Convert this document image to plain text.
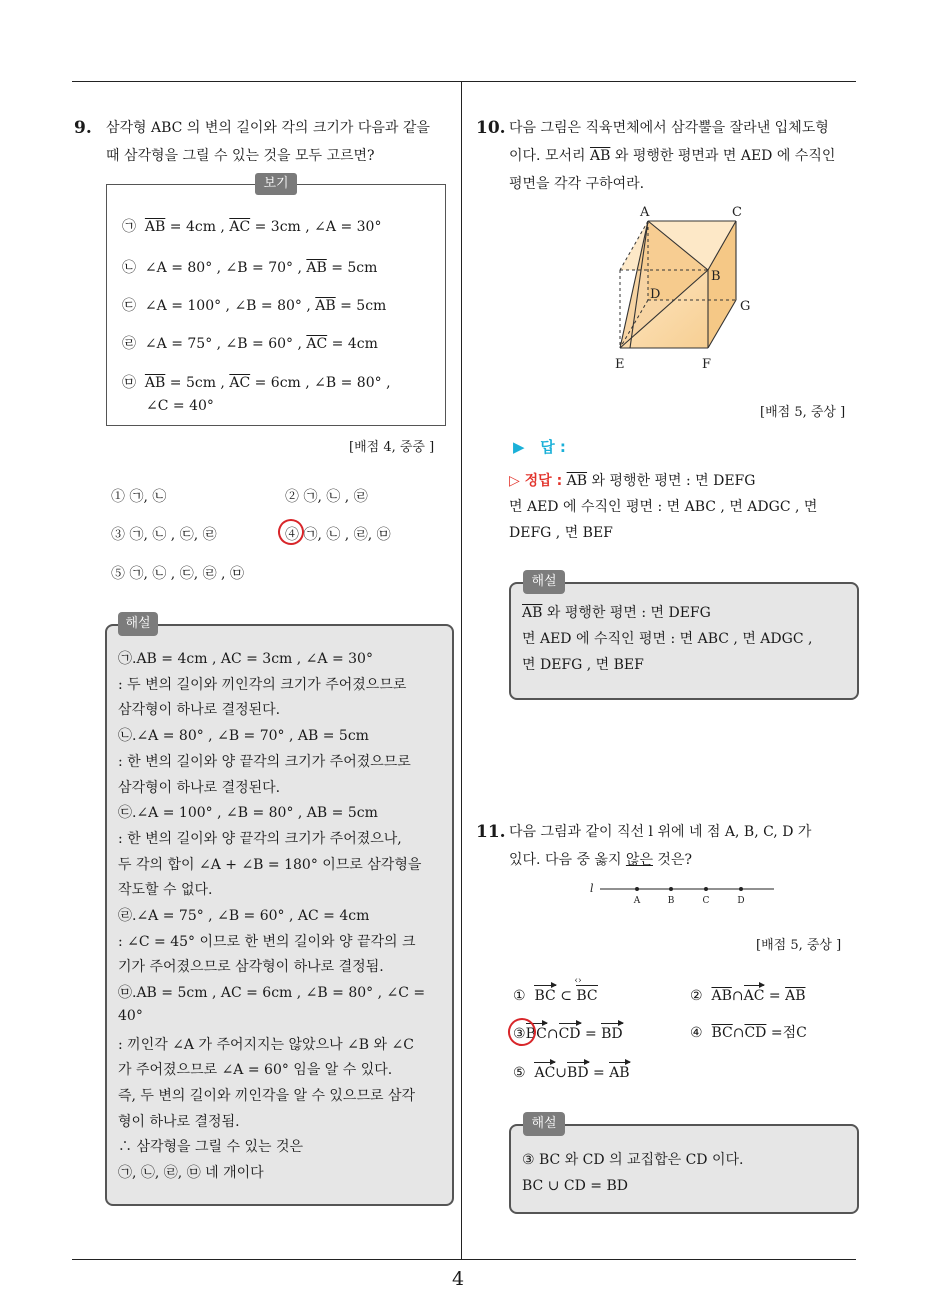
9. 삼각형 ABC 의 변의 길이와 각의 크기가 다음과 같을
때 삼각형을 그릴 수 있는 것을 모두 고르면?
보기
㉠ $\overline{AB} = 4cm$ , $\overline{AC} = 3cm$ , ∠A = 30°
㉡ ∠A = 80° , ∠B = 70° , $\overline{AB} = 5cm$
㉢ ∠A = 100° , ∠B = 80° , $\overline{AB} = 5cm$
㉣ ∠A = 75° , ∠B = 60° , $\overline{AC} = 4cm$
㉤ $\overline{AB} = 5cm$ , $\overline{AC} = 6cm$ , ∠B = 80° ,
∠C = 40°
[배점 4, 중중 ]
① ㉠, ㉡	② ㉠, ㉡ , ㉣
③ ㉠, ㉡ , ㉢, ㉣	④ ㉠, ㉡ , ㉣, ㉤
⑤ ㉠, ㉡ , ㉢, ㉣ , ㉤
해설
㉠.AB = 4cm , AC = 3cm , ∠A = 30°
: 두 변의 길이와 끼인각의 크기가 주어졌으므로
삼각형이 하나로 결정된다.
㉡.∠A = 80° , ∠B = 70° , AB = 5cm
: 한 변의 길이와 양 끝각의 크기가 주어졌으므로
삼각형이 하나로 결정된다.
㉢.∠A = 100° , ∠B = 80° , AB = 5cm
: 한 변의 길이와 양 끝각의 크기가 주어졌으나,
두 각의 합이 ∠A + ∠B = 180° 이므로 삼각형을
작도할 수 없다.
㉣.∠A = 75° , ∠B = 60° , AC = 4cm
: ∠C = 45° 이므로 한 변의 길이와 양 끝각의 크
기가 주어졌으므로 삼각형이 하나로 결정됨.
㉤.AB = 5cm , AC = 6cm , ∠B = 80° , ∠C =
40°
: 끼인각 ∠A 가 주어지지는 않았으나 ∠B 와 ∠C
가 주어졌으므로 ∠A = 60° 임을 알 수 있다.
즉, 두 변의 길이와 끼인각을 알 수 있으므로 삼각
형이 하나로 결정됨.
∴ 삼각형을 그릴 수 있는 것은
㉠, ㉡, ㉣, ㉤ 네 개이다
10. 다음 그림은 직육면체에서 삼각뿔을 잘라낸 입체도형
이다. 모서리 $\overline{AB}$ 와 평행한 평면과 면 AED 에 수직인
평면을 각각 구하여라.
A	C
B
D
G
E	F
[배점 5, 중상 ]
▶ 답 :
▷ 정답 : $\overline{AB}$ 와 평행한 평면 : 면 DEFG
면 AED 에 수직인 평면 : 면 ABC , 면 ADGC , 면
DEFG , 면 BEF
해설
$\overline{AB}$ 와 평행한 평면 : 면 DEFG
면 AED 에 수직인 평면 : 면 ABC , 면 ADGC ,
면 DEFG , 면 BEF
11. 다음 그림과 같이 직선 l 위에 네 점 A, B, C, D 가
있다. 다음 중 옳지 않은 것은?
l
A	B	C	D
[배점 5, 중상 ]
① BC ⊂ BC ‹›	② $\overline{AB}\cap AC = \overline{AB}$
③BC∩CD = BD	④ $\overline{BC}\cap\overline{CD}$ =점C
⑤ AC∪BD = AB
해설
③ BC 와 CD 의 교집합은 CD 이다.
BC ∪ CD = BD
4
